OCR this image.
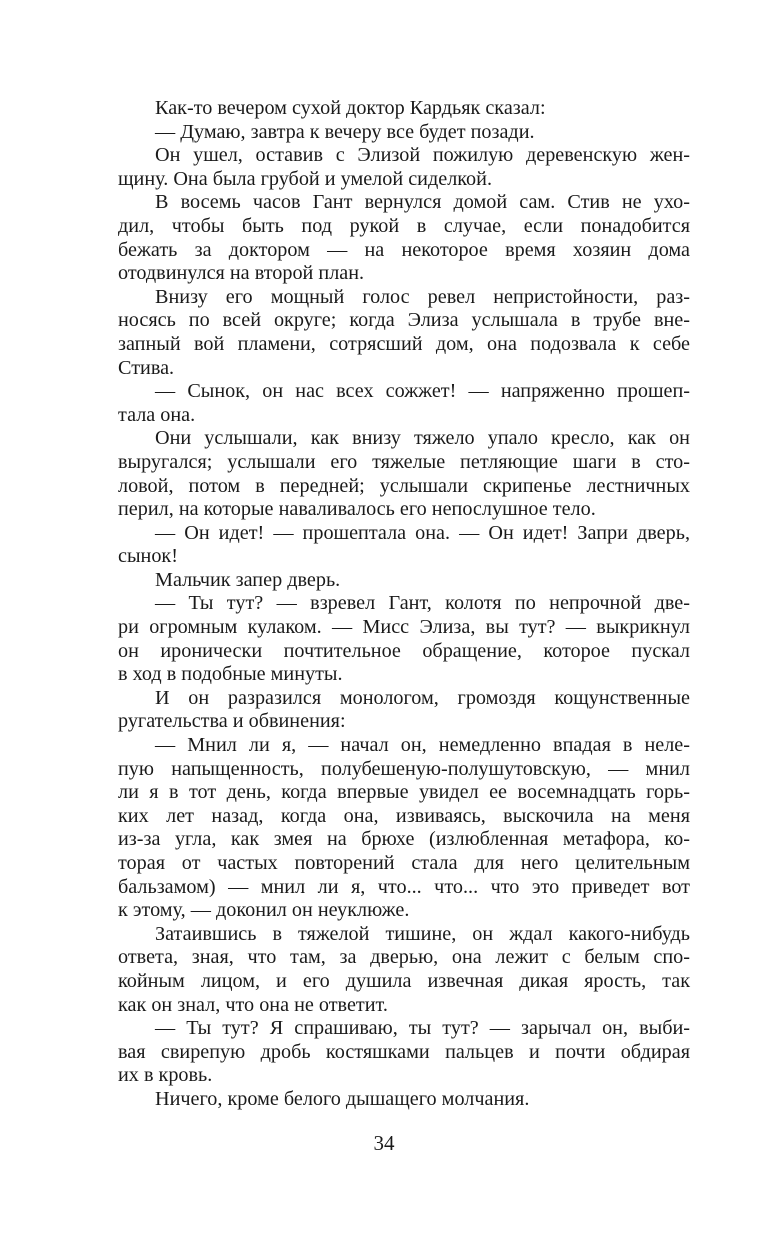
Как-то вечером сухой доктор Кардьяк сказал:
— Думаю, завтра к вечеру все будет позади.
Он ушел, оставив с Элизой пожилую деревенскую жен-
щину. Она была грубой и умелой сиделкой.
В восемь часов Гант вернулся домой сам. Стив не ухо-
дил, чтобы быть под рукой в случае, если понадобится
бежать за доктором — на некоторое время хозяин дома
отодвинулся на второй план.
Внизу его мощный голос ревел непристойности, раз-
носясь по всей округе; когда Элиза услышала в трубе вне-
запный вой пламени, сотрясший дом, она подозвала к себе
Стива.
— Сынок, он нас всех сожжет! — напряженно прошеп-
тала она.
Они услышали, как внизу тяжело упало кресло, как он
выругался; услышали его тяжелые петляющие шаги в сто-
ловой, потом в передней; услышали скрипенье лестничных
перил, на которые наваливалось его непослушное тело.
— Он идет! — прошептала она. — Он идет! Запри дверь,
сынок!
Мальчик запер дверь.
— Ты тут? — взревел Гант, колотя по непрочной две-
ри огромным кулаком. — Мисс Элиза, вы тут? — выкрикнул
он иронически почтительное обращение, которое пускал
в ход в подобные минуты.
И он разразился монологом, громоздя кощунственные
ругательства и обвинения:
— Мнил ли я, — начал он, немедленно впадая в неле-
пую напыщенность, полубешеную-полушутовскую, — мнил
ли я в тот день, когда впервые увидел ее восемнадцать горь-
ких лет назад, когда она, извиваясь, выскочила на меня
из-за угла, как змея на брюхе (излюбленная метафора, ко-
торая от частых повторений стала для него целительным
бальзамом) — мнил ли я, что... что... что это приведет вот
к этому, — доконил он неуклюже.
Затаившись в тяжелой тишине, он ждал какого-нибудь
ответа, зная, что там, за дверью, она лежит с белым спо-
койным лицом, и его душила извечная дикая ярость, так
как он знал, что она не ответит.
— Ты тут? Я спрашиваю, ты тут? — зарычал он, выби-
вая свирепую дробь костяшками пальцев и почти обдирая
их в кровь.
Ничего, кроме белого дышащего молчания.
34
